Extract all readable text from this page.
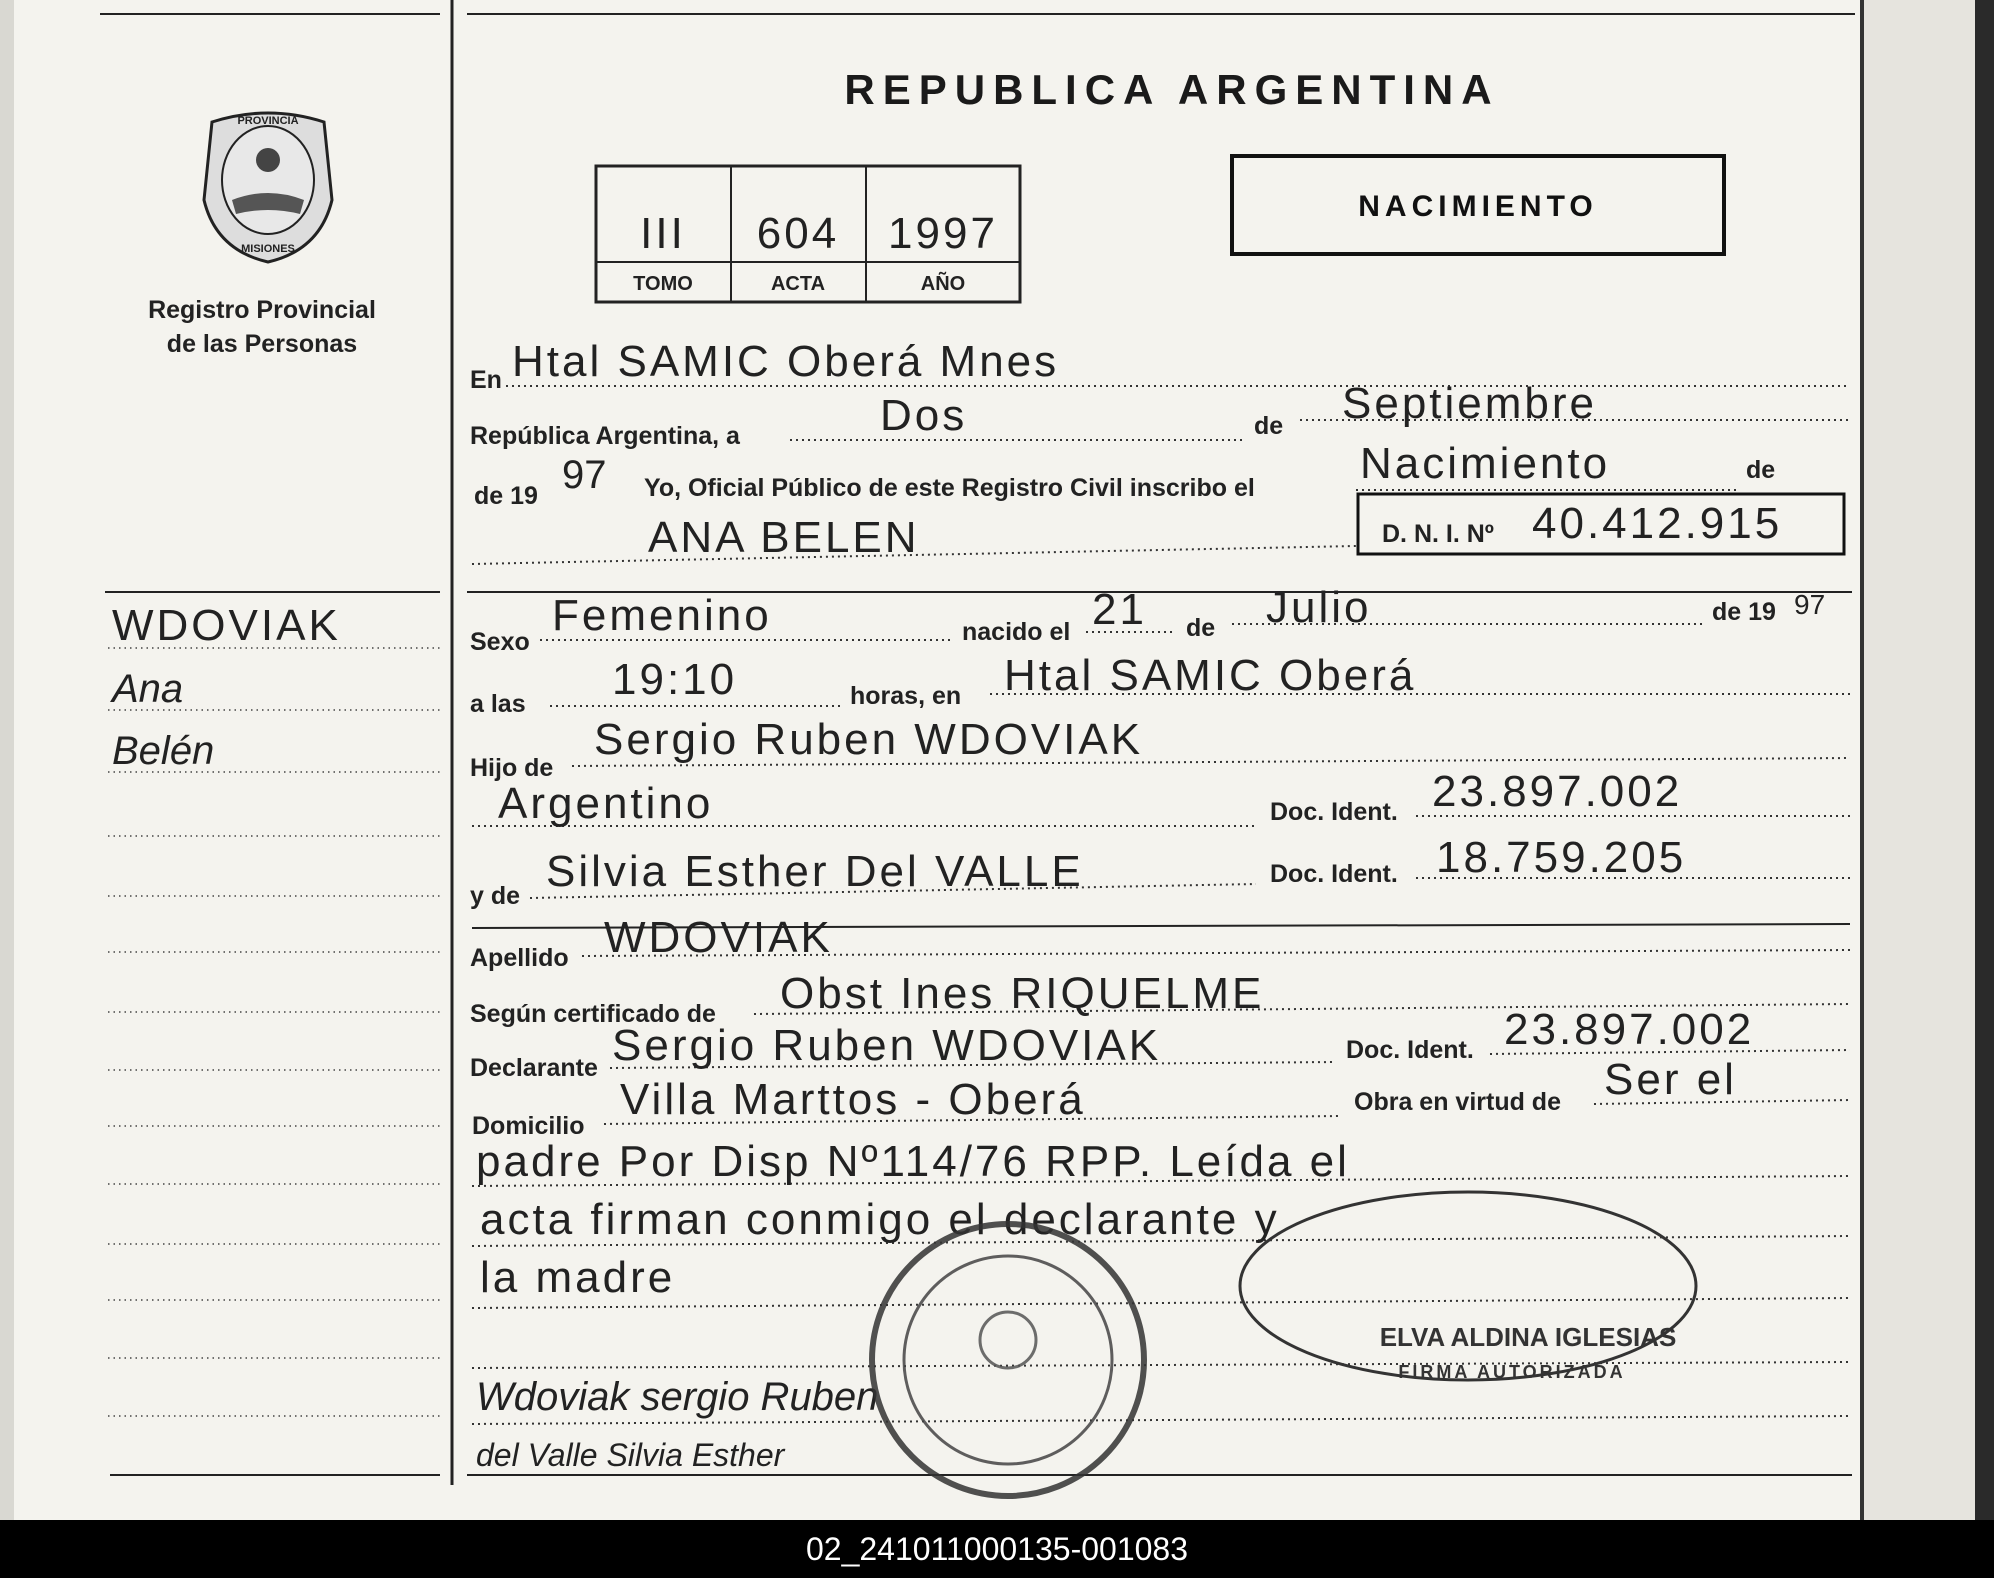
PROVINCIA
MISIONES
Registro Provincial
de las Personas
WDOVIAK
Ana
Belén
REPUBLICA ARGENTINA
III 604 1997
TOMO	ACTA	AÑO
NACIMIENTO
En Htal SAMIC Oberá Mnes
República Argentina, a	Dos	de Septiembre
de 19 97 Yo, Oficial Público de este Registro Civil inscribo el Nacimiento	de
ANA BELEN	D. N. I. Nº 40.412.915
Sexo
Femenino	nacido el 21 de Julio	de 19 97
a las 19:10	horas, en Htal SAMIC Oberá
Hijo de
Sergio Ruben WDOVIAK
Argentino	Doc. Ident. 23.897.002
y de Silvia Esther Del VALLE	Doc. Ident. 18.759.205
Apellido WDOVIAK
Según certificado de Obst Ines RIQUELME
Declarante Sergio Ruben WDOVIAK	Doc. Ident. 23.897.002
Domicilio
Villa Marttos - Oberá	Obra en virtud de Ser el
padre Por Disp Nº114/76 RPP. Leída el
acta firman conmigo el declarante y
la madre
Wdoviak sergio Ruben
del Valle Silvia Esther
ELVA ALDINA IGLESIAS
FIRMA AUTORIZADA
02_241011000135-001083
